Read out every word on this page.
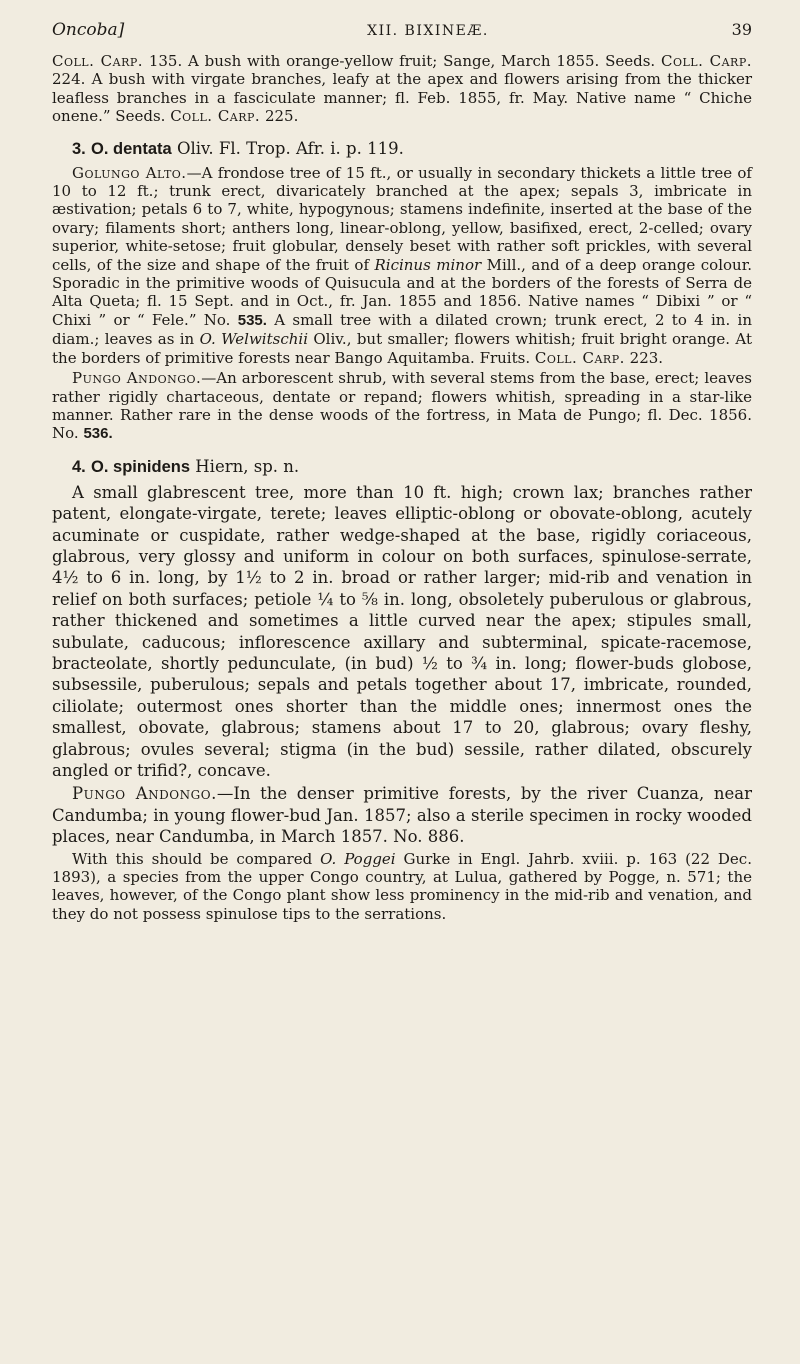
Oncoba]	XII. BIXINEÆ.	39

Coll. Carp. 135. A bush with orange-yellow fruit; Sange, March 1855. Seeds. Coll. Carp. 224. A bush with virgate branches, leafy at the apex and flowers arising from the thicker leafless branches in a fasciculate manner; fl. Feb. 1855, fr. May. Native name “ Chiche onene.” Seeds. Coll. Carp. 225.

3. O. dentata Oliv. Fl. Trop. Afr. i. p. 119.

Golungo Alto.—A frondose tree of 15 ft., or usually in secondary thickets a little tree of 10 to 12 ft.; trunk erect, divaricately branched at the apex; sepals 3, imbricate in æstivation; petals 6 to 7, white, hypogynous; stamens indefinite, inserted at the base of the ovary; filaments short; anthers long, linear-oblong, yellow, basifixed, erect, 2-celled; ovary superior, white-setose; fruit globular, densely beset with rather soft prickles, with several cells, of the size and shape of the fruit of Ricinus minor Mill., and of a deep orange colour. Sporadic in the primitive woods of Quisucula and at the borders of the forests of Serra de Alta Queta; fl. 15 Sept. and in Oct., fr. Jan. 1855 and 1856. Native names “ Dibixi ” or “ Chixi ” or “ Fele.” No. 535. A small tree with a dilated crown; trunk erect, 2 to 4 in. in diam.; leaves as in O. Welwitschii Oliv., but smaller; flowers whitish; fruit bright orange. At the borders of primitive forests near Bango Aquitamba. Fruits. Coll. Carp. 223.

Pungo Andongo.—An arborescent shrub, with several stems from the base, erect; leaves rather rigidly chartaceous, dentate or repand; flowers whitish, spreading in a star-like manner. Rather rare in the dense woods of the fortress, in Mata de Pungo; fl. Dec. 1856. No. 536.

4. O. spinidens Hiern, sp. n.

A small glabrescent tree, more than 10 ft. high; crown lax; branches rather patent, elongate-virgate, terete; leaves elliptic-oblong or obovate-oblong, acutely acuminate or cuspidate, rather wedge-shaped at the base, rigidly coriaceous, glabrous, very glossy and uniform in colour on both surfaces, spinulose-serrate, 4½ to 6 in. long, by 1½ to 2 in. broad or rather larger; mid-rib and venation in relief on both surfaces; petiole ¼ to ⅝ in. long, obsoletely puberulous or glabrous, rather thickened and sometimes a little curved near the apex; stipules small, subulate, caducous; inflorescence axillary and subterminal, spicate-racemose, bracteolate, shortly pedunculate, (in bud) ½ to ¾ in. long; flower-buds globose, subsessile, puberulous; sepals and petals together about 17, imbricate, rounded, ciliolate; outermost ones shorter than the middle ones; innermost ones the smallest, obovate, glabrous; stamens about 17 to 20, glabrous; ovary fleshy, glabrous; ovules several; stigma (in the bud) sessile, rather dilated, obscurely angled or trifid?, concave.

Pungo Andongo.—In the denser primitive forests, by the river Cuanza, near Candumba; in young flower-bud Jan. 1857; also a sterile specimen in rocky wooded places, near Candumba, in March 1857. No. 886.

With this should be compared O. Poggei Gurke in Engl. Jahrb. xviii. p. 163 (22 Dec. 1893), a species from the upper Congo country, at Lulua, gathered by Pogge, n. 571; the leaves, however, of the Congo plant show less prominency in the mid-rib and venation, and they do not possess spinulose tips to the serrations.
